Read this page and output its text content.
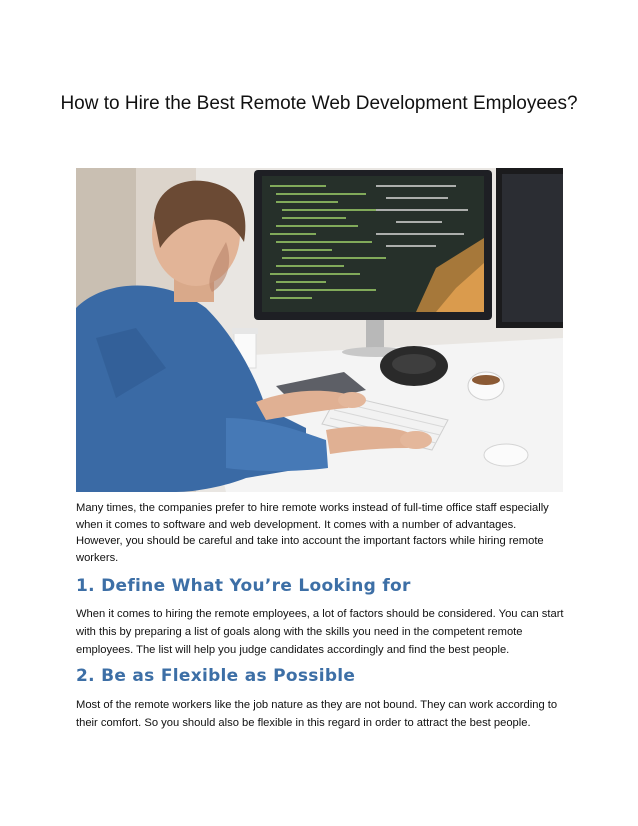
How to Hire the Best Remote Web Development Employees?
Many times, the companies prefer to hire remote works instead of full-time office staff especially when it comes to software and web development. It comes with a number of advantages. However, you should be careful and take into account the important factors while hiring remote workers.
1. Define What You’re Looking for
When it comes to hiring the remote employees, a lot of factors should be considered. You can start with this by preparing a list of goals along with the skills you need in the competent remote employees. The list will help you judge candidates accordingly and find the best people.
2. Be as Flexible as Possible
Most of the remote workers like the job nature as they are not bound. They can work according to their comfort. So you should also be flexible in this regard in order to attract the best people.
